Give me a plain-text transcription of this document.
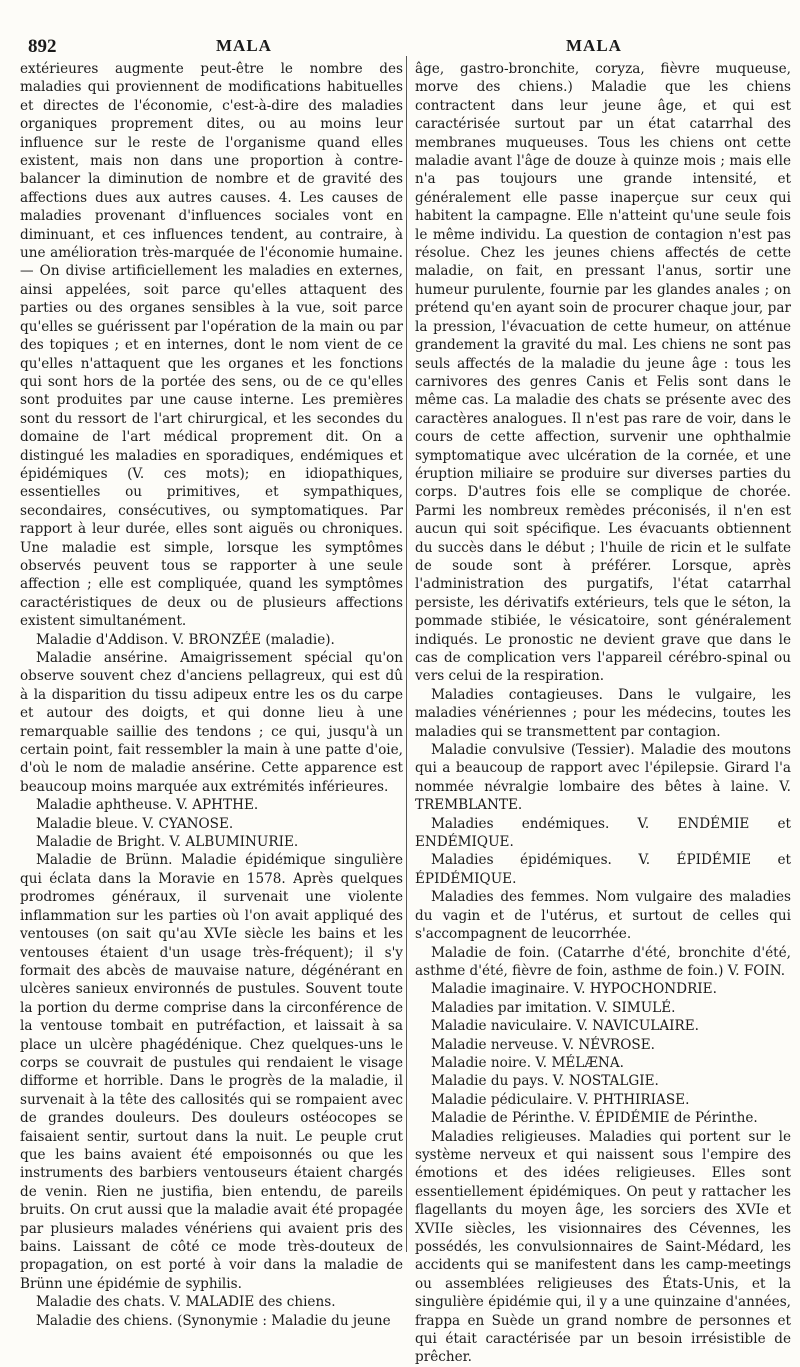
892	MALA	MALA

extérieures augmente peut-être le nombre des maladies qui proviennent de modifications habituelles et directes de l'économie, c'est-à-dire des maladies organiques proprement dites, ou au moins leur influence sur le reste de l'organisme quand elles existent, mais non dans une proportion à contre-balancer la diminution de nombre et de gravité des affections dues aux autres causes. 4. Les causes de maladies provenant d'influences sociales vont en diminuant, et ces influences tendent, au contraire, à une amélioration très-marquée de l'économie humaine. — On divise artificiellement les maladies en externes, ainsi appelées, soit parce qu'elles attaquent des parties ou des organes sensibles à la vue, soit parce qu'elles se guérissent par l'opération de la main ou par des topiques ; et en internes, dont le nom vient de ce qu'elles n'attaquent que les organes et les fonctions qui sont hors de la portée des sens, ou de ce qu'elles sont produites par une cause interne. Les premières sont du ressort de l'art chirurgical, et les secondes du domaine de l'art médical proprement dit. On a distingué les maladies en sporadiques, endémiques et épidémiques (V. ces mots); en idiopathiques, essentielles ou primitives, et sympathiques, secondaires, consécutives, ou symptomatiques. Par rapport à leur durée, elles sont aiguës ou chroniques. Une maladie est simple, lorsque les symptômes observés peuvent tous se rapporter à une seule affection ; elle est compliquée, quand les symptômes caractéristiques de deux ou de plusieurs affections existent simultanément.

Maladie d'Addison. V. BRONZÉE (maladie).

Maladie ansérine. Amaigrissement spécial qu'on observe souvent chez d'anciens pellagreux, qui est dû à la disparition du tissu adipeux entre les os du carpe et autour des doigts, et qui donne lieu à une remarquable saillie des tendons ; ce qui, jusqu'à un certain point, fait ressembler la main à une patte d'oie, d'où le nom de maladie ansérine. Cette apparence est beaucoup moins marquée aux extrémités inférieures.

Maladie aphtheuse. V. APHTHE.

Maladie bleue. V. CYANOSE.

Maladie de Bright. V. ALBUMINURIE.

Maladie de Brünn. Maladie épidémique singulière qui éclata dans la Moravie en 1578. Après quelques prodromes généraux, il survenait une violente inflammation sur les parties où l'on avait appliqué des ventouses (on sait qu'au XVIe siècle les bains et les ventouses étaient d'un usage très-fréquent); il s'y formait des abcès de mauvaise nature, dégénérant en ulcères sanieux environnés de pustules. Souvent toute la portion du derme comprise dans la circonférence de la ventouse tombait en putréfaction, et laissait à sa place un ulcère phagédénique. Chez quelques-uns le corps se couvrait de pustules qui rendaient le visage difforme et horrible. Dans le progrès de la maladie, il survenait à la tête des callosités qui se rompaient avec de grandes douleurs. Des douleurs ostéocopes se faisaient sentir, surtout dans la nuit. Le peuple crut que les bains avaient été empoisonnés ou que les instruments des barbiers ventouseurs étaient chargés de venin. Rien ne justifia, bien entendu, de pareils bruits. On crut aussi que la maladie avait été propagée par plusieurs malades vénériens qui avaient pris des bains. Laissant de côté ce mode très-douteux de propagation, on est porté à voir dans la maladie de Brünn une épidémie de syphilis.

Maladie des chats. V. MALADIE des chiens.

Maladie des chiens. (Synonymie : Maladie du jeune

âge, gastro-bronchite, coryza, fièvre muqueuse, morve des chiens.) Maladie que les chiens contractent dans leur jeune âge, et qui est caractérisée surtout par un état catarrhal des membranes muqueuses. Tous les chiens ont cette maladie avant l'âge de douze à quinze mois ; mais elle n'a pas toujours une grande intensité, et généralement elle passe inaperçue sur ceux qui habitent la campagne. Elle n'atteint qu'une seule fois le même individu. La question de contagion n'est pas résolue. Chez les jeunes chiens affectés de cette maladie, on fait, en pressant l'anus, sortir une humeur purulente, fournie par les glandes anales ; on prétend qu'en ayant soin de procurer chaque jour, par la pression, l'évacuation de cette humeur, on atténue grandement la gravité du mal. Les chiens ne sont pas seuls affectés de la maladie du jeune âge : tous les carnivores des genres Canis et Felis sont dans le même cas. La maladie des chats se présente avec des caractères analogues. Il n'est pas rare de voir, dans le cours de cette affection, survenir une ophthalmie symptomatique avec ulcération de la cornée, et une éruption miliaire se produire sur diverses parties du corps. D'autres fois elle se complique de chorée. Parmi les nombreux remèdes préconisés, il n'en est aucun qui soit spécifique. Les évacuants obtiennent du succès dans le début ; l'huile de ricin et le sulfate de soude sont à préférer. Lorsque, après l'administration des purgatifs, l'état catarrhal persiste, les dérivatifs extérieurs, tels que le séton, la pommade stibiée, le vésicatoire, sont généralement indiqués. Le pronostic ne devient grave que dans le cas de complication vers l'appareil cérébro-spinal ou vers celui de la respiration.

Maladies contagieuses. Dans le vulgaire, les maladies vénériennes ; pour les médecins, toutes les maladies qui se transmettent par contagion.

Maladie convulsive (Tessier). Maladie des moutons qui a beaucoup de rapport avec l'épilepsie. Girard l'a nommée névralgie lombaire des bêtes à laine. V. TREMBLANTE.

Maladies endémiques. V. ENDÉMIE et ENDÉMIQUE.

Maladies épidémiques. V. ÉPIDÉMIE et ÉPIDÉMIQUE.

Maladies des femmes. Nom vulgaire des maladies du vagin et de l'utérus, et surtout de celles qui s'accompagnent de leucorrhée.

Maladie de foin. (Catarrhe d'été, bronchite d'été, asthme d'été, fièvre de foin, asthme de foin.) V. FOIN.

Maladie imaginaire. V. HYPOCHONDRIE.

Maladies par imitation. V. SIMULÉ.

Maladie naviculaire. V. NAVICULAIRE.

Maladie nerveuse. V. NÉVROSE.

Maladie noire. V. MÉLÆNA.

Maladie du pays. V. NOSTALGIE.

Maladie pédiculaire. V. PHTHIRIASE.

Maladie de Périnthe. V. ÉPIDÉMIE de Périnthe.

Maladies religieuses. Maladies qui portent sur le système nerveux et qui naissent sous l'empire des émotions et des idées religieuses. Elles sont essentiellement épidémiques. On peut y rattacher les flagellants du moyen âge, les sorciers des XVIe et XVIIe siècles, les visionnaires des Cévennes, les possédés, les convulsionnaires de Saint-Médard, les accidents qui se manifestent dans les camp-meetings ou assemblées religieuses des États-Unis, et la singulière épidémie qui, il y a une quinzaine d'années, frappa en Suède un grand nombre de personnes et qui était caractérisée par un besoin irrésistible de prêcher.
